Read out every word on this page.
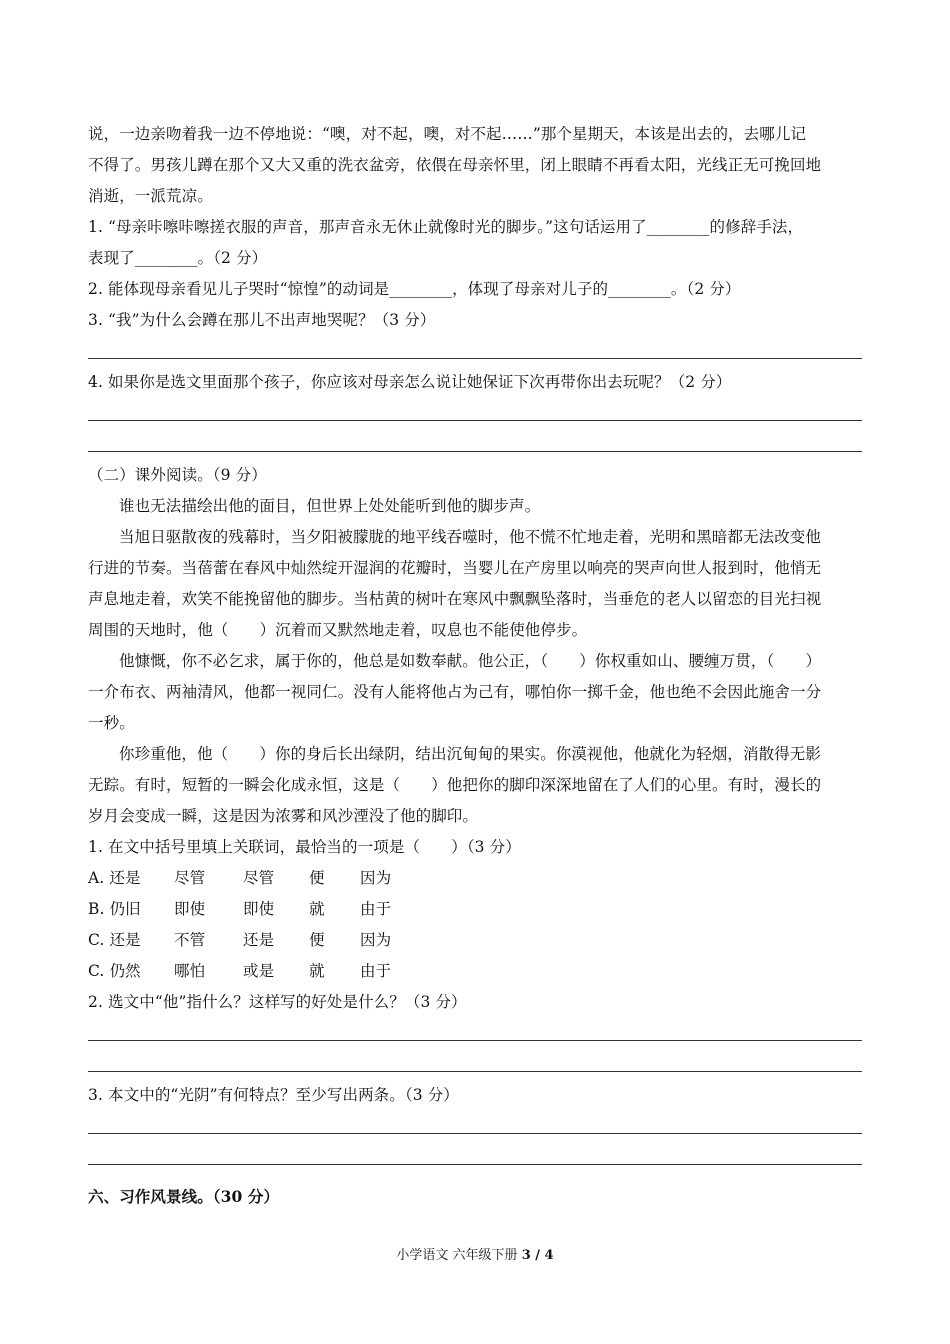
说，一边亲吻着我一边不停地说：“噢，对不起，噢，对不起……”那个星期天，本该是出去的，去哪儿记
不得了。男孩儿蹲在那个又大又重的洗衣盆旁，依偎在母亲怀里，闭上眼睛不再看太阳，光线正无可挽回地
消逝，一派荒凉。
1. “母亲咔嚓咔嚓搓衣服的声音，那声音永无休止就像时光的脚步。”这句话运用了________的修辞手法，
表现了________。（2 分）
2. 能体现母亲看见儿子哭时“惊惶”的动词是________，体现了母亲对儿子的________。（2 分）
3. “我”为什么会蹲在那儿不出声地哭呢？（3 分）
4. 如果你是选文里面那个孩子，你应该对母亲怎么说让她保证下次再带你出去玩呢？（2 分）
（二）课外阅读。（9 分）
谁也无法描绘出他的面目，但世界上处处能听到他的脚步声。
当旭日驱散夜的残幕时，当夕阳被朦胧的地平线吞噬时，他不慌不忙地走着，光明和黑暗都无法改变他
行进的节奏。当蓓蕾在春风中灿然绽开湿润的花瓣时，当婴儿在产房里以响亮的哭声向世人报到时，他悄无
声息地走着，欢笑不能挽留他的脚步。当枯黄的树叶在寒风中飘飘坠落时，当垂危的老人以留恋的目光扫视
周围的天地时，他（　　）沉着而又默然地走着，叹息也不能使他停步。
他慷慨，你不必乞求，属于你的，他总是如数奉献。他公正，（　　）你权重如山、腰缠万贯，（　　）
一介布衣、两袖清风，他都一视同仁。没有人能将他占为己有，哪怕你一掷千金，他也绝不会因此施舍一分
一秒。
你珍重他，他（　　）你的身后长出绿阴，结出沉甸甸的果实。你漠视他，他就化为轻烟，消散得无影
无踪。有时，短暂的一瞬会化成永恒，这是（　　）他把你的脚印深深地留在了人们的心里。有时，漫长的
岁月会变成一瞬，这是因为浓雾和风沙湮没了他的脚印。
1. 在文中括号里填上关联词，最恰当的一项是（　　）（3 分）
A. 还是	尽管	尽管	便	因为
B. 仍旧	即使	即使	就	由于
C. 还是	不管	还是	便	因为
C. 仍然	哪怕	或是	就	由于
2. 选文中“他”指什么？这样写的好处是什么？（3 分）
3. 本文中的“光阴”有何特点？至少写出两条。（3 分）
六、习作风景线。（30 分）
小学语文 六年级下册 3 / 4
